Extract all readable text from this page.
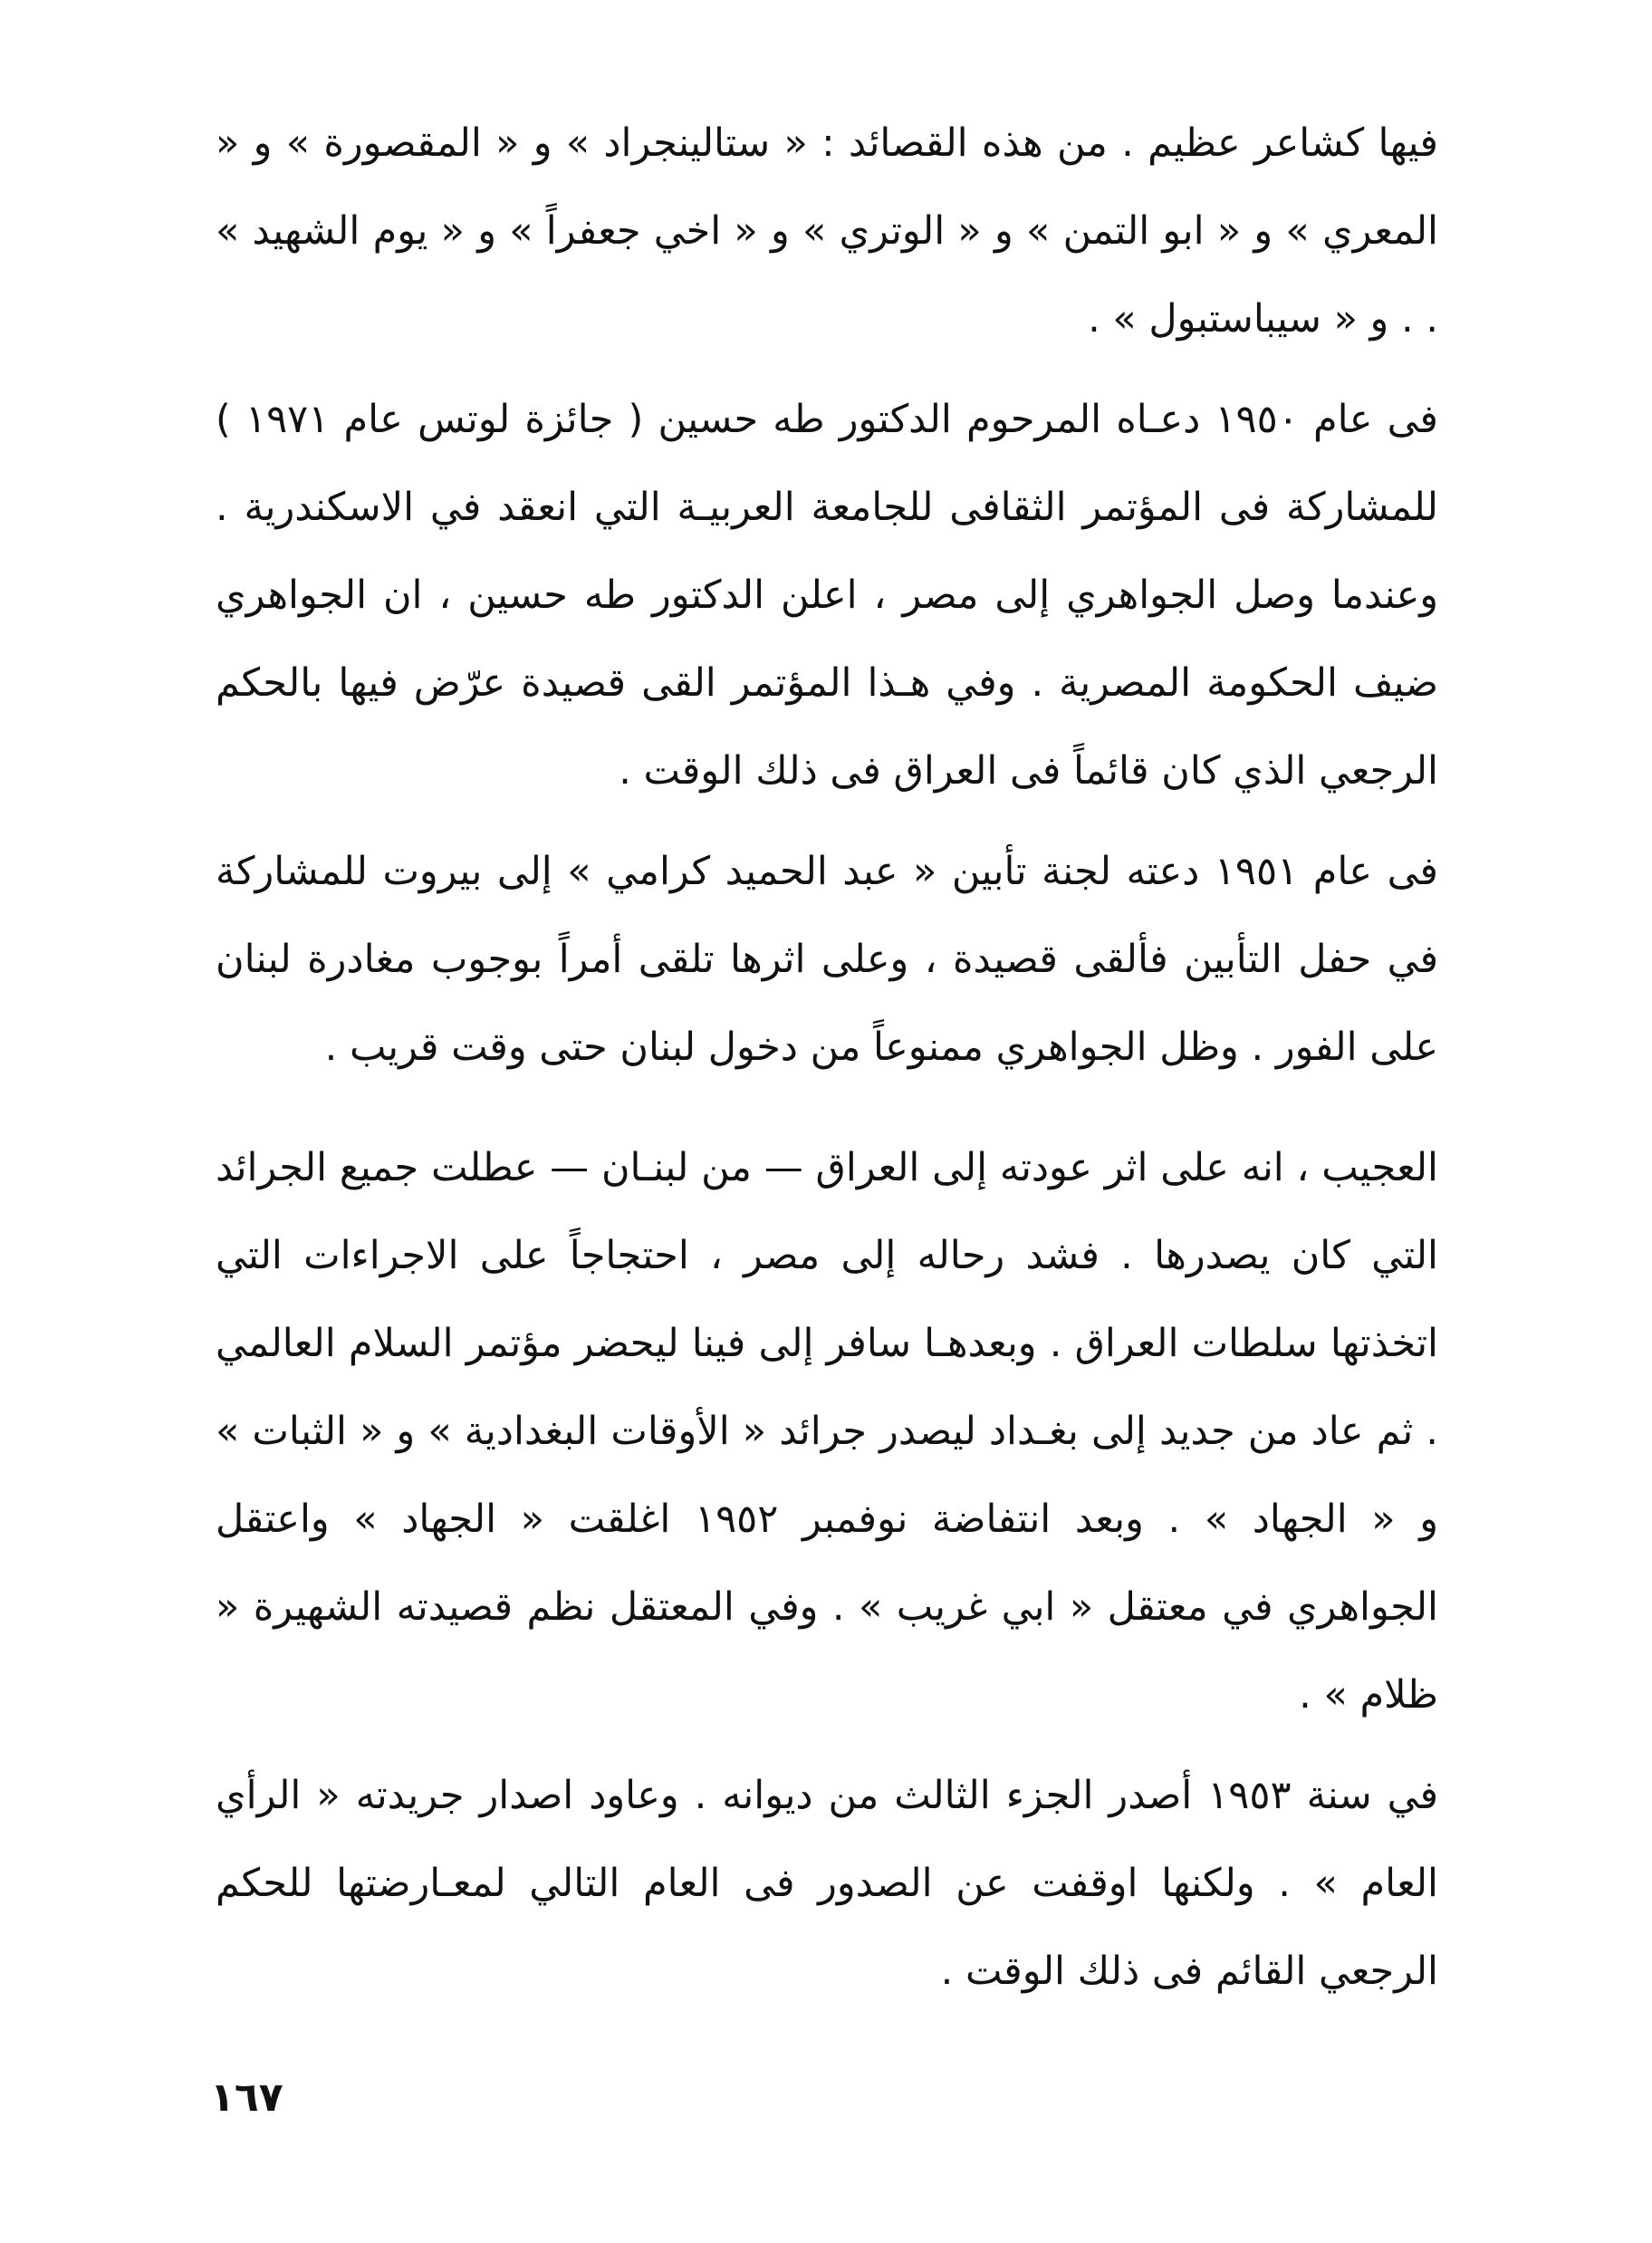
فيها كشاعر عظيم . من هذه القصائد : « ستالينجراد » و « المقصورة » و « المعري » و « ابو التمن » و « الوتري » و « اخي جعفراً » و « يوم الشهيد » . . و « سيباستبول » .

فى عام ١٩٥٠ دعـاه المرحوم الدكتور طه حسين ( جائزة لوتس عام ١٩٧١ ) للمشاركة فى المؤتمر الثقافى للجامعة العربيـة التي انعقد في الاسكندرية . وعندما وصل الجواهري إلى مصر ، اعلن الدكتور طه حسين ، ان الجواهري ضيف الحكومة المصرية . وفي هـذا المؤتمر القى قصيدة عرّض فيها بالحكم الرجعي الذي كان قائماً فى العراق فى ذلك الوقت .

فى عام ١٩٥١ دعته لجنة تأبين « عبد الحميد كرامي » إلى بيروت للمشاركة في حفل التأبين فألقى قصيدة ، وعلى اثرها تلقى أمراً بوجوب مغادرة لبنان على الفور . وظل الجواهري ممنوعاً من دخول لبنان حتى وقت قريب .

العجيب ، انه على اثر عودته إلى العراق — من لبنـان — عطلت جميع الجرائد التي كان يصدرها . فشد رحاله إلى مصر ، احتجاجاً على الاجراءات التي اتخذتها سلطات العراق . وبعدهـا سافر إلى فينا ليحضر مؤتمر السلام العالمي . ثم عاد من جديد إلى بغـداد ليصدر جرائد « الأوقات البغدادية » و « الثبات » و « الجهاد » . وبعد انتفاضة نوفمبر ١٩٥٢ اغلقت « الجهاد » واعتقل الجواهري في معتقل « ابي غريب » . وفي المعتقل نظم قصيدته الشهيرة « ظلام » .

في سنة ١٩٥٣ أصدر الجزء الثالث من ديوانه . وعاود اصدار جريدته « الرأي العام » . ولكنها اوقفت عن الصدور فى العام التالي لمعـارضتها للحكم الرجعي القائم فى ذلك الوقت .

١٦٧
